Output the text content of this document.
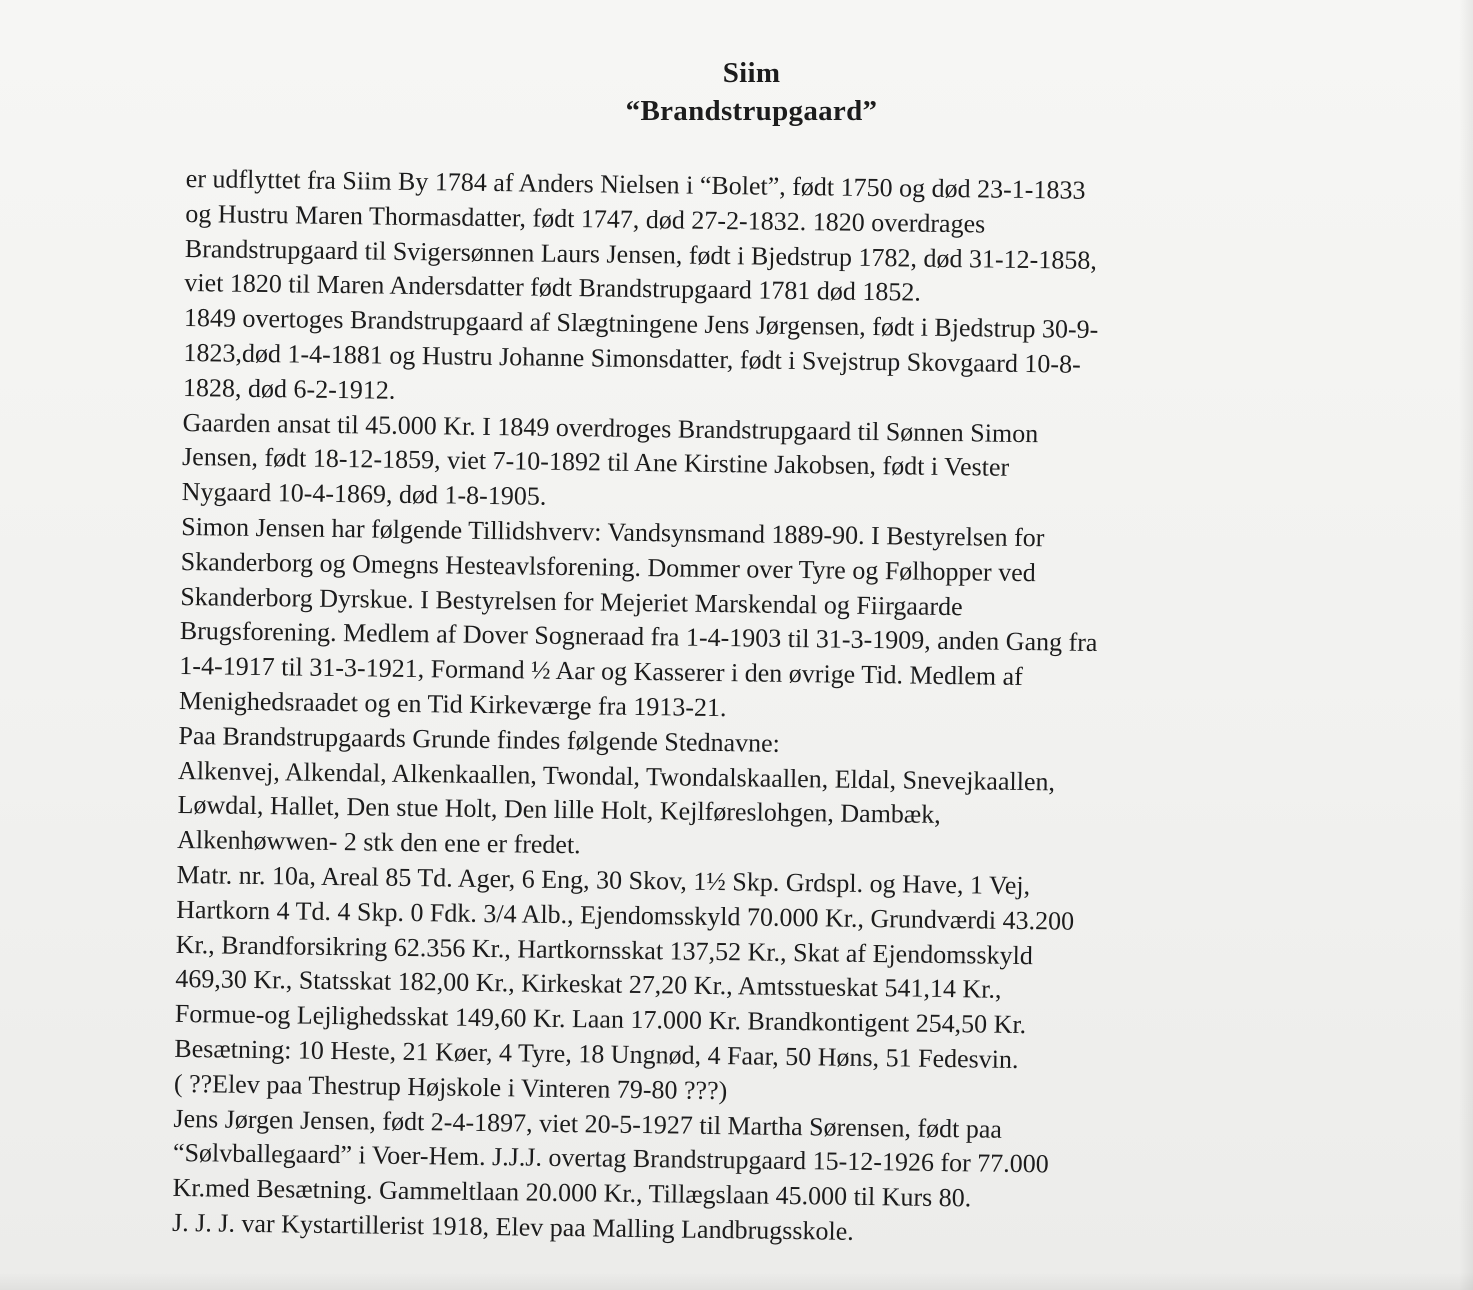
Siim
“Brandstrupgaard”
er udflyttet fra Siim By 1784 af Anders Nielsen i “Bolet”, født 1750 og død 23-1-1833
og Hustru Maren Thormasdatter, født 1747, død 27-2-1832. 1820 overdrages
Brandstrupgaard til Svigersønnen Laurs Jensen, født i Bjedstrup 1782, død 31-12-1858,
viet 1820 til Maren Andersdatter født Brandstrupgaard 1781 død 1852.
1849 overtoges Brandstrupgaard af Slægtningene Jens Jørgensen, født i Bjedstrup 30-9-
1823,død 1-4-1881 og Hustru Johanne Simonsdatter, født i Svejstrup Skovgaard 10-8-
1828, død 6-2-1912.
Gaarden ansat til 45.000 Kr. I 1849 overdroges Brandstrupgaard til Sønnen Simon
Jensen, født 18-12-1859, viet 7-10-1892 til Ane Kirstine Jakobsen, født i Vester
Nygaard 10-4-1869, død 1-8-1905.
Simon Jensen har følgende Tillidshverv: Vandsynsmand 1889-90. I Bestyrelsen for
Skanderborg og Omegns Hesteavlsforening. Dommer over Tyre og Følhopper ved
Skanderborg Dyrskue. I Bestyrelsen for Mejeriet Marskendal og Fiirgaarde
Brugsforening. Medlem af Dover Sogneraad fra 1-4-1903 til 31-3-1909, anden Gang fra
1-4-1917 til 31-3-1921, Formand ½ Aar og Kasserer i den øvrige Tid. Medlem af
Menighedsraadet og en Tid Kirkeværge fra 1913-21.
Paa Brandstrupgaards Grunde findes følgende Stednavne:
Alkenvej, Alkendal, Alkenkaallen, Twondal, Twondalskaallen, Eldal, Snevejkaallen,
Løwdal, Hallet, Den stue Holt, Den lille Holt, Kejlføreslohgen, Dambæk,
Alkenhøwwen- 2 stk den ene er fredet.
Matr. nr. 10a, Areal 85 Td. Ager, 6 Eng, 30 Skov, 1½ Skp. Grdspl. og Have, 1 Vej,
Hartkorn 4 Td. 4 Skp. 0 Fdk. 3/4 Alb., Ejendomsskyld 70.000 Kr., Grundværdi 43.200
Kr., Brandforsikring 62.356 Kr., Hartkornsskat 137,52 Kr., Skat af Ejendomsskyld
469,30 Kr., Statsskat 182,00 Kr., Kirkeskat 27,20 Kr., Amtsstueskat 541,14 Kr.,
Formue-og Lejlighedsskat 149,60 Kr. Laan 17.000 Kr. Brandkontigent 254,50 Kr.
Besætning: 10 Heste, 21 Køer, 4 Tyre, 18 Ungnød, 4 Faar, 50 Høns, 51 Fedesvin.
( ??Elev paa Thestrup Højskole i Vinteren 79-80 ???)
Jens Jørgen Jensen, født 2-4-1897, viet 20-5-1927 til Martha Sørensen, født paa
“Sølvballegaard” i Voer-Hem. J.J.J. overtag Brandstrupgaard 15-12-1926 for 77.000
Kr.med Besætning. Gammeltlaan 20.000 Kr., Tillægslaan 45.000 til Kurs 80.
J. J. J. var Kystartillerist 1918, Elev paa Malling Landbrugsskole.
